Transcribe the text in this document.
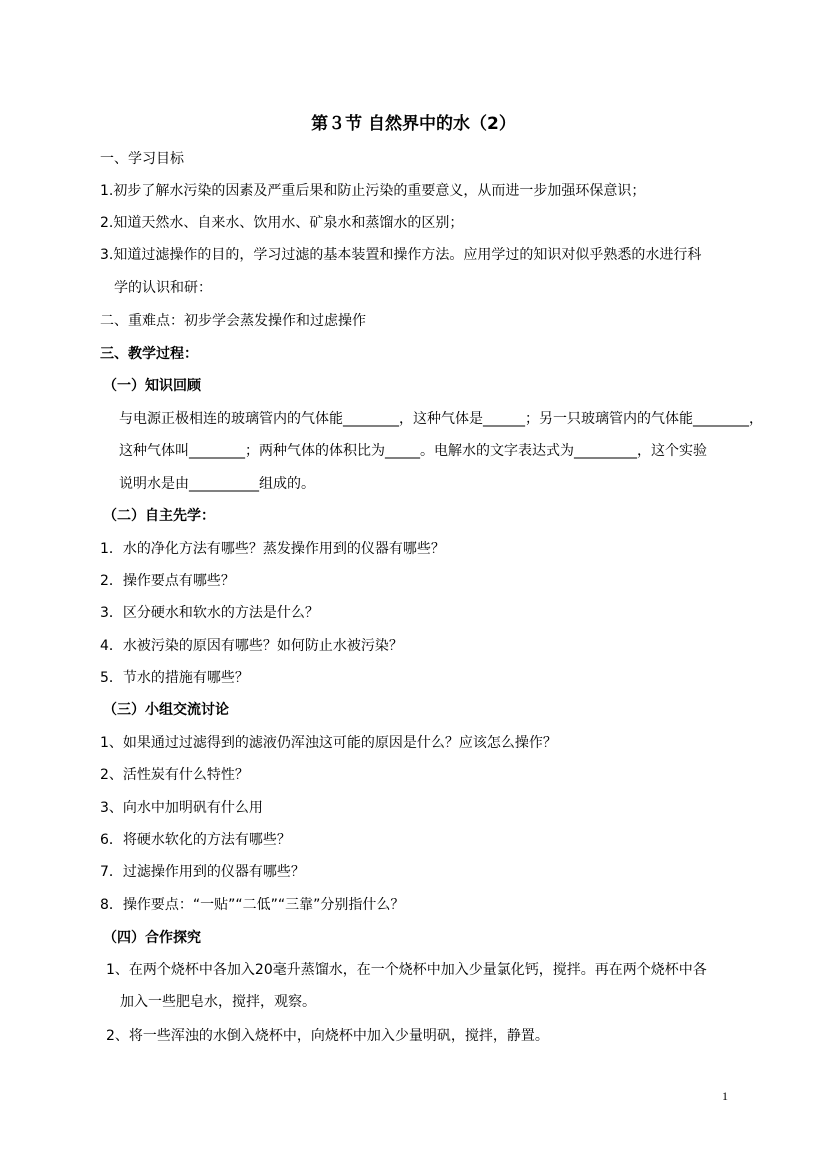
第３节 自然界中的水（2）
一、学习目标
1.初步了解水污染的因素及严重后果和防止污染的重要意义，从而进一步加强环保意识；
2.知道天然水、自来水、饮用水、矿泉水和蒸馏水的区别；
3.知道过滤操作的目的，学习过滤的基本装置和操作方法。应用学过的知识对似乎熟悉的水进行科
学的认识和研：
二、重难点：初步学会蒸发操作和过虑操作
三、教学过程：
（一）知识回顾
与电源正极相连的玻璃管内的气体能________，这种气体是______；另一只玻璃管内的气体能________，
这种气体叫________；两种气体的体积比为_____。电解水的文字表达式为_________，这个实验
说明水是由__________组成的。
（二）自主先学：
1．水的净化方法有哪些？蒸发操作用到的仪器有哪些？
2．操作要点有哪些？
3．区分硬水和软水的方法是什么？
4．水被污染的原因有哪些？如何防止水被污染？
5．节水的措施有哪些？
（三）小组交流讨论
1、如果通过过滤得到的滤液仍浑浊这可能的原因是什么？应该怎么操作？
2、活性炭有什么特性？
3、向水中加明矾有什么用
6．将硬水软化的方法有哪些？
7．过滤操作用到的仪器有哪些？
8．操作要点：“一贴”“二低”“三靠”分别指什么？
（四）合作探究
1、在两个烧杯中各加入20毫升蒸馏水，在一个烧杯中加入少量氯化钙，搅拌。再在两个烧杯中各
加入一些肥皂水，搅拌，观察。
2、将一些浑浊的水倒入烧杯中，向烧杯中加入少量明矾，搅拌，静置。
1
